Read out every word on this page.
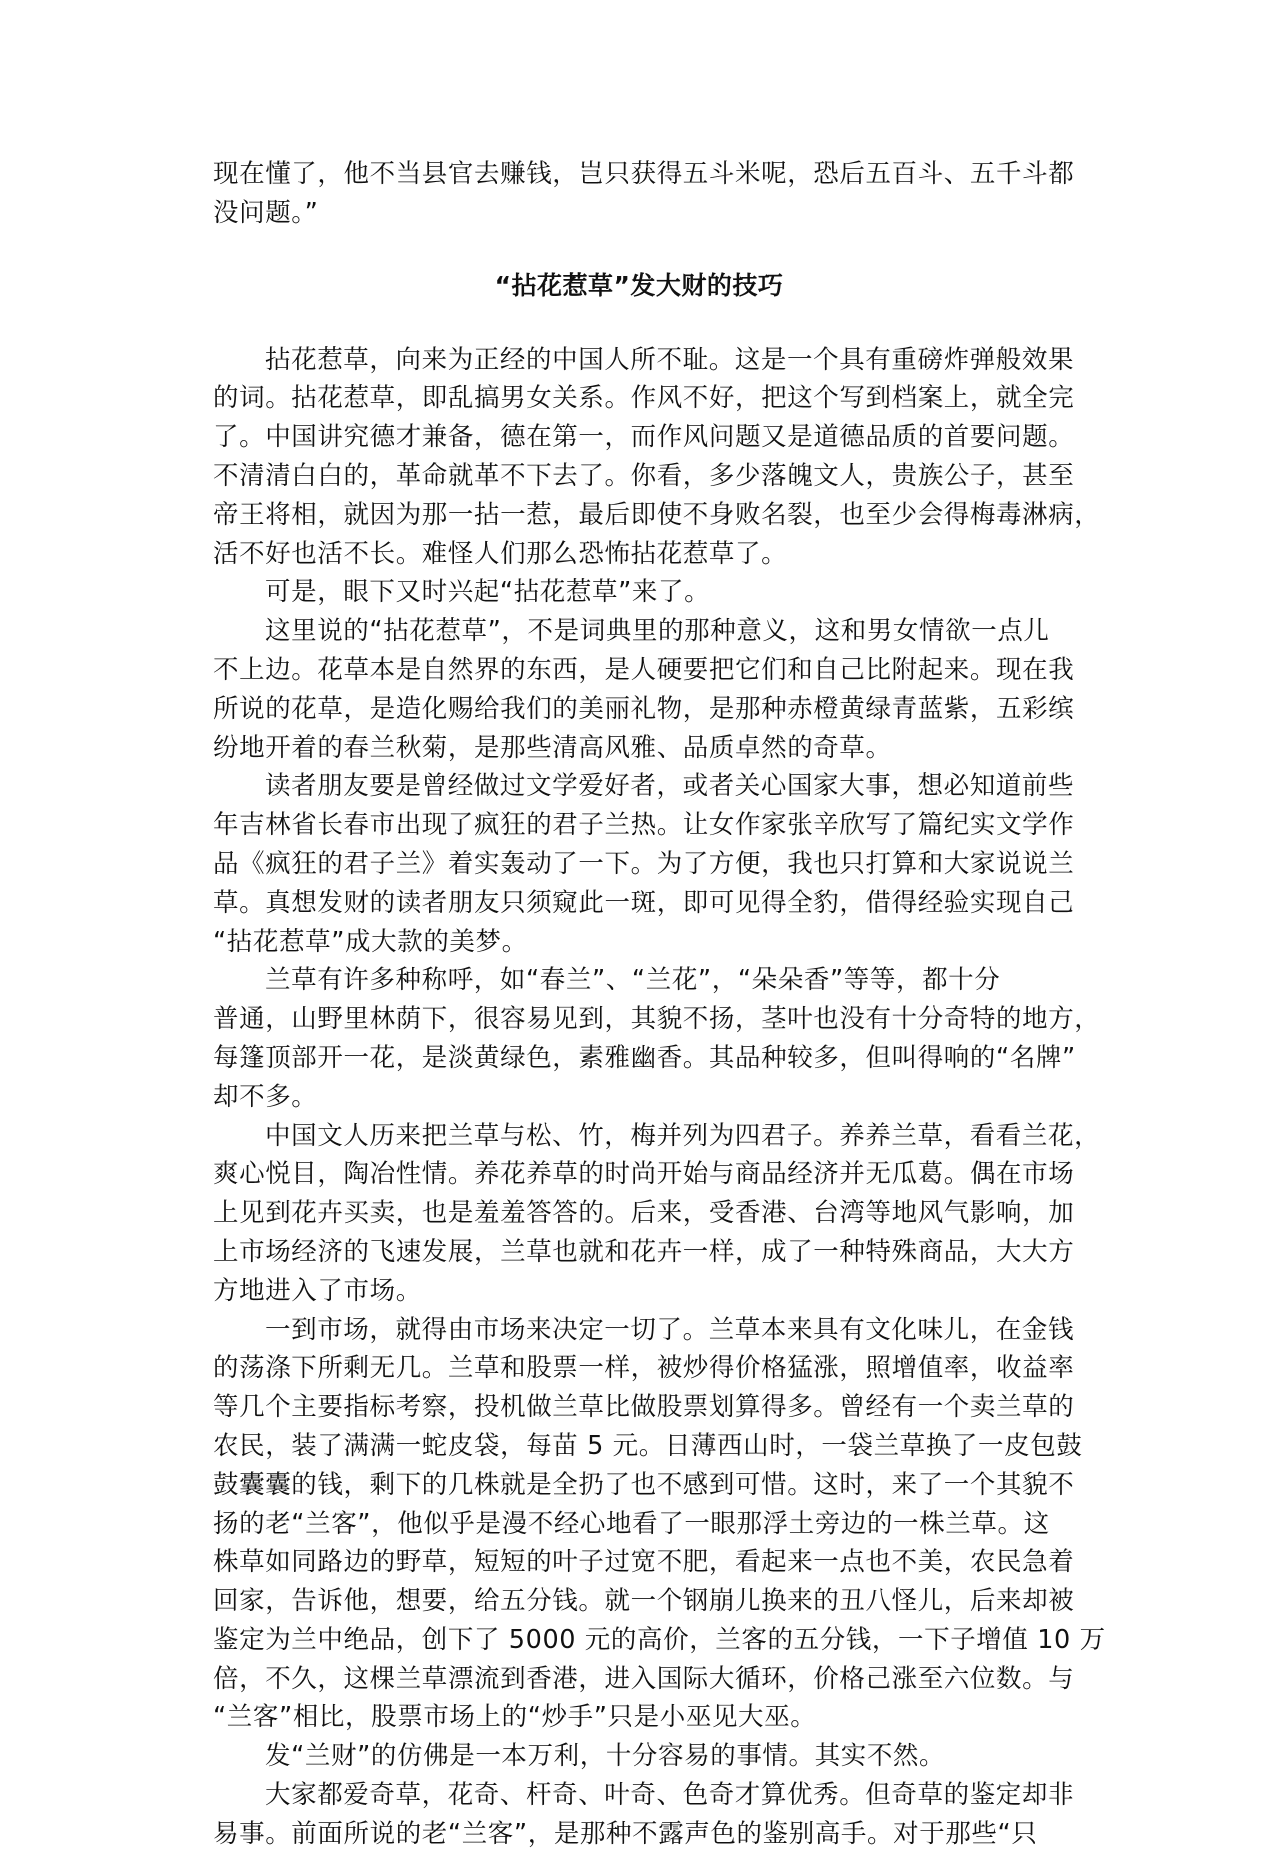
现在懂了，他不当县官去赚钱，岂只获得五斗米呢，恐后五百斗、五千斗都
没问题。”
“拈花惹草”发大财的技巧
拈花惹草，向来为正经的中国人所不耻。这是一个具有重磅炸弹般效果
的词。拈花惹草，即乱搞男女关系。作风不好，把这个写到档案上，就全完
了。中国讲究德才兼备，德在第一，而作风问题又是道德品质的首要问题。
不清清白白的，革命就革不下去了。你看，多少落魄文人，贵族公子，甚至
帝王将相，就因为那一拈一惹，最后即使不身败名裂，也至少会得梅毒淋病，
活不好也活不长。难怪人们那么恐怖拈花惹草了。
可是，眼下又时兴起“拈花惹草”来了。
这里说的“拈花惹草”，不是词典里的那种意义，这和男女情欲一点儿
不上边。花草本是自然界的东西，是人硬要把它们和自己比附起来。现在我
所说的花草，是造化赐给我们的美丽礼物，是那种赤橙黄绿青蓝紫，五彩缤
纷地开着的春兰秋菊，是那些清高风雅、品质卓然的奇草。
读者朋友要是曾经做过文学爱好者，或者关心国家大事，想必知道前些
年吉林省长春市出现了疯狂的君子兰热。让女作家张辛欣写了篇纪实文学作
品《疯狂的君子兰》着实轰动了一下。为了方便，我也只打算和大家说说兰
草。真想发财的读者朋友只须窥此一斑，即可见得全豹，借得经验实现自己
“拈花惹草”成大款的美梦。
兰草有许多种称呼，如“春兰”、“兰花”，“朵朵香”等等，都十分
普通，山野里林荫下，很容易见到，其貌不扬，茎叶也没有十分奇特的地方，
每篷顶部开一花，是淡黄绿色，素雅幽香。其品种较多，但叫得响的“名牌”
却不多。
中国文人历来把兰草与松、竹，梅并列为四君子。养养兰草，看看兰花，
爽心悦目，陶冶性情。养花养草的时尚开始与商品经济并无瓜葛。偶在市场
上见到花卉买卖，也是羞羞答答的。后来，受香港、台湾等地风气影响，加
上市场经济的飞速发展，兰草也就和花卉一样，成了一种特殊商品，大大方
方地进入了市场。
一到市场，就得由市场来决定一切了。兰草本来具有文化味儿，在金钱
的荡涤下所剩无几。兰草和股票一样，被炒得价格猛涨，照增值率，收益率
等几个主要指标考察，投机做兰草比做股票划算得多。曾经有一个卖兰草的
农民，装了满满一蛇皮袋，每苗 5 元。日薄西山时，一袋兰草换了一皮包鼓
鼓囊囊的钱，剩下的几株就是全扔了也不感到可惜。这时，来了一个其貌不
扬的老“兰客”，他似乎是漫不经心地看了一眼那浮土旁边的一株兰草。这
株草如同路边的野草，短短的叶子过宽不肥，看起来一点也不美，农民急着
回家，告诉他，想要，给五分钱。就一个钢崩儿换来的丑八怪儿，后来却被
鉴定为兰中绝品，创下了 5000 元的高价，兰客的五分钱，一下子增值 10 万
倍，不久，这棵兰草漂流到香港，进入国际大循环，价格己涨至六位数。与
“兰客”相比，股票市场上的“炒手”只是小巫见大巫。
发“兰财”的仿佛是一本万利，十分容易的事情。其实不然。
大家都爱奇草，花奇、杆奇、叶奇、色奇才算优秀。但奇草的鉴定却非
易事。前面所说的老“兰客”，是那种不露声色的鉴别高手。对于那些“只
